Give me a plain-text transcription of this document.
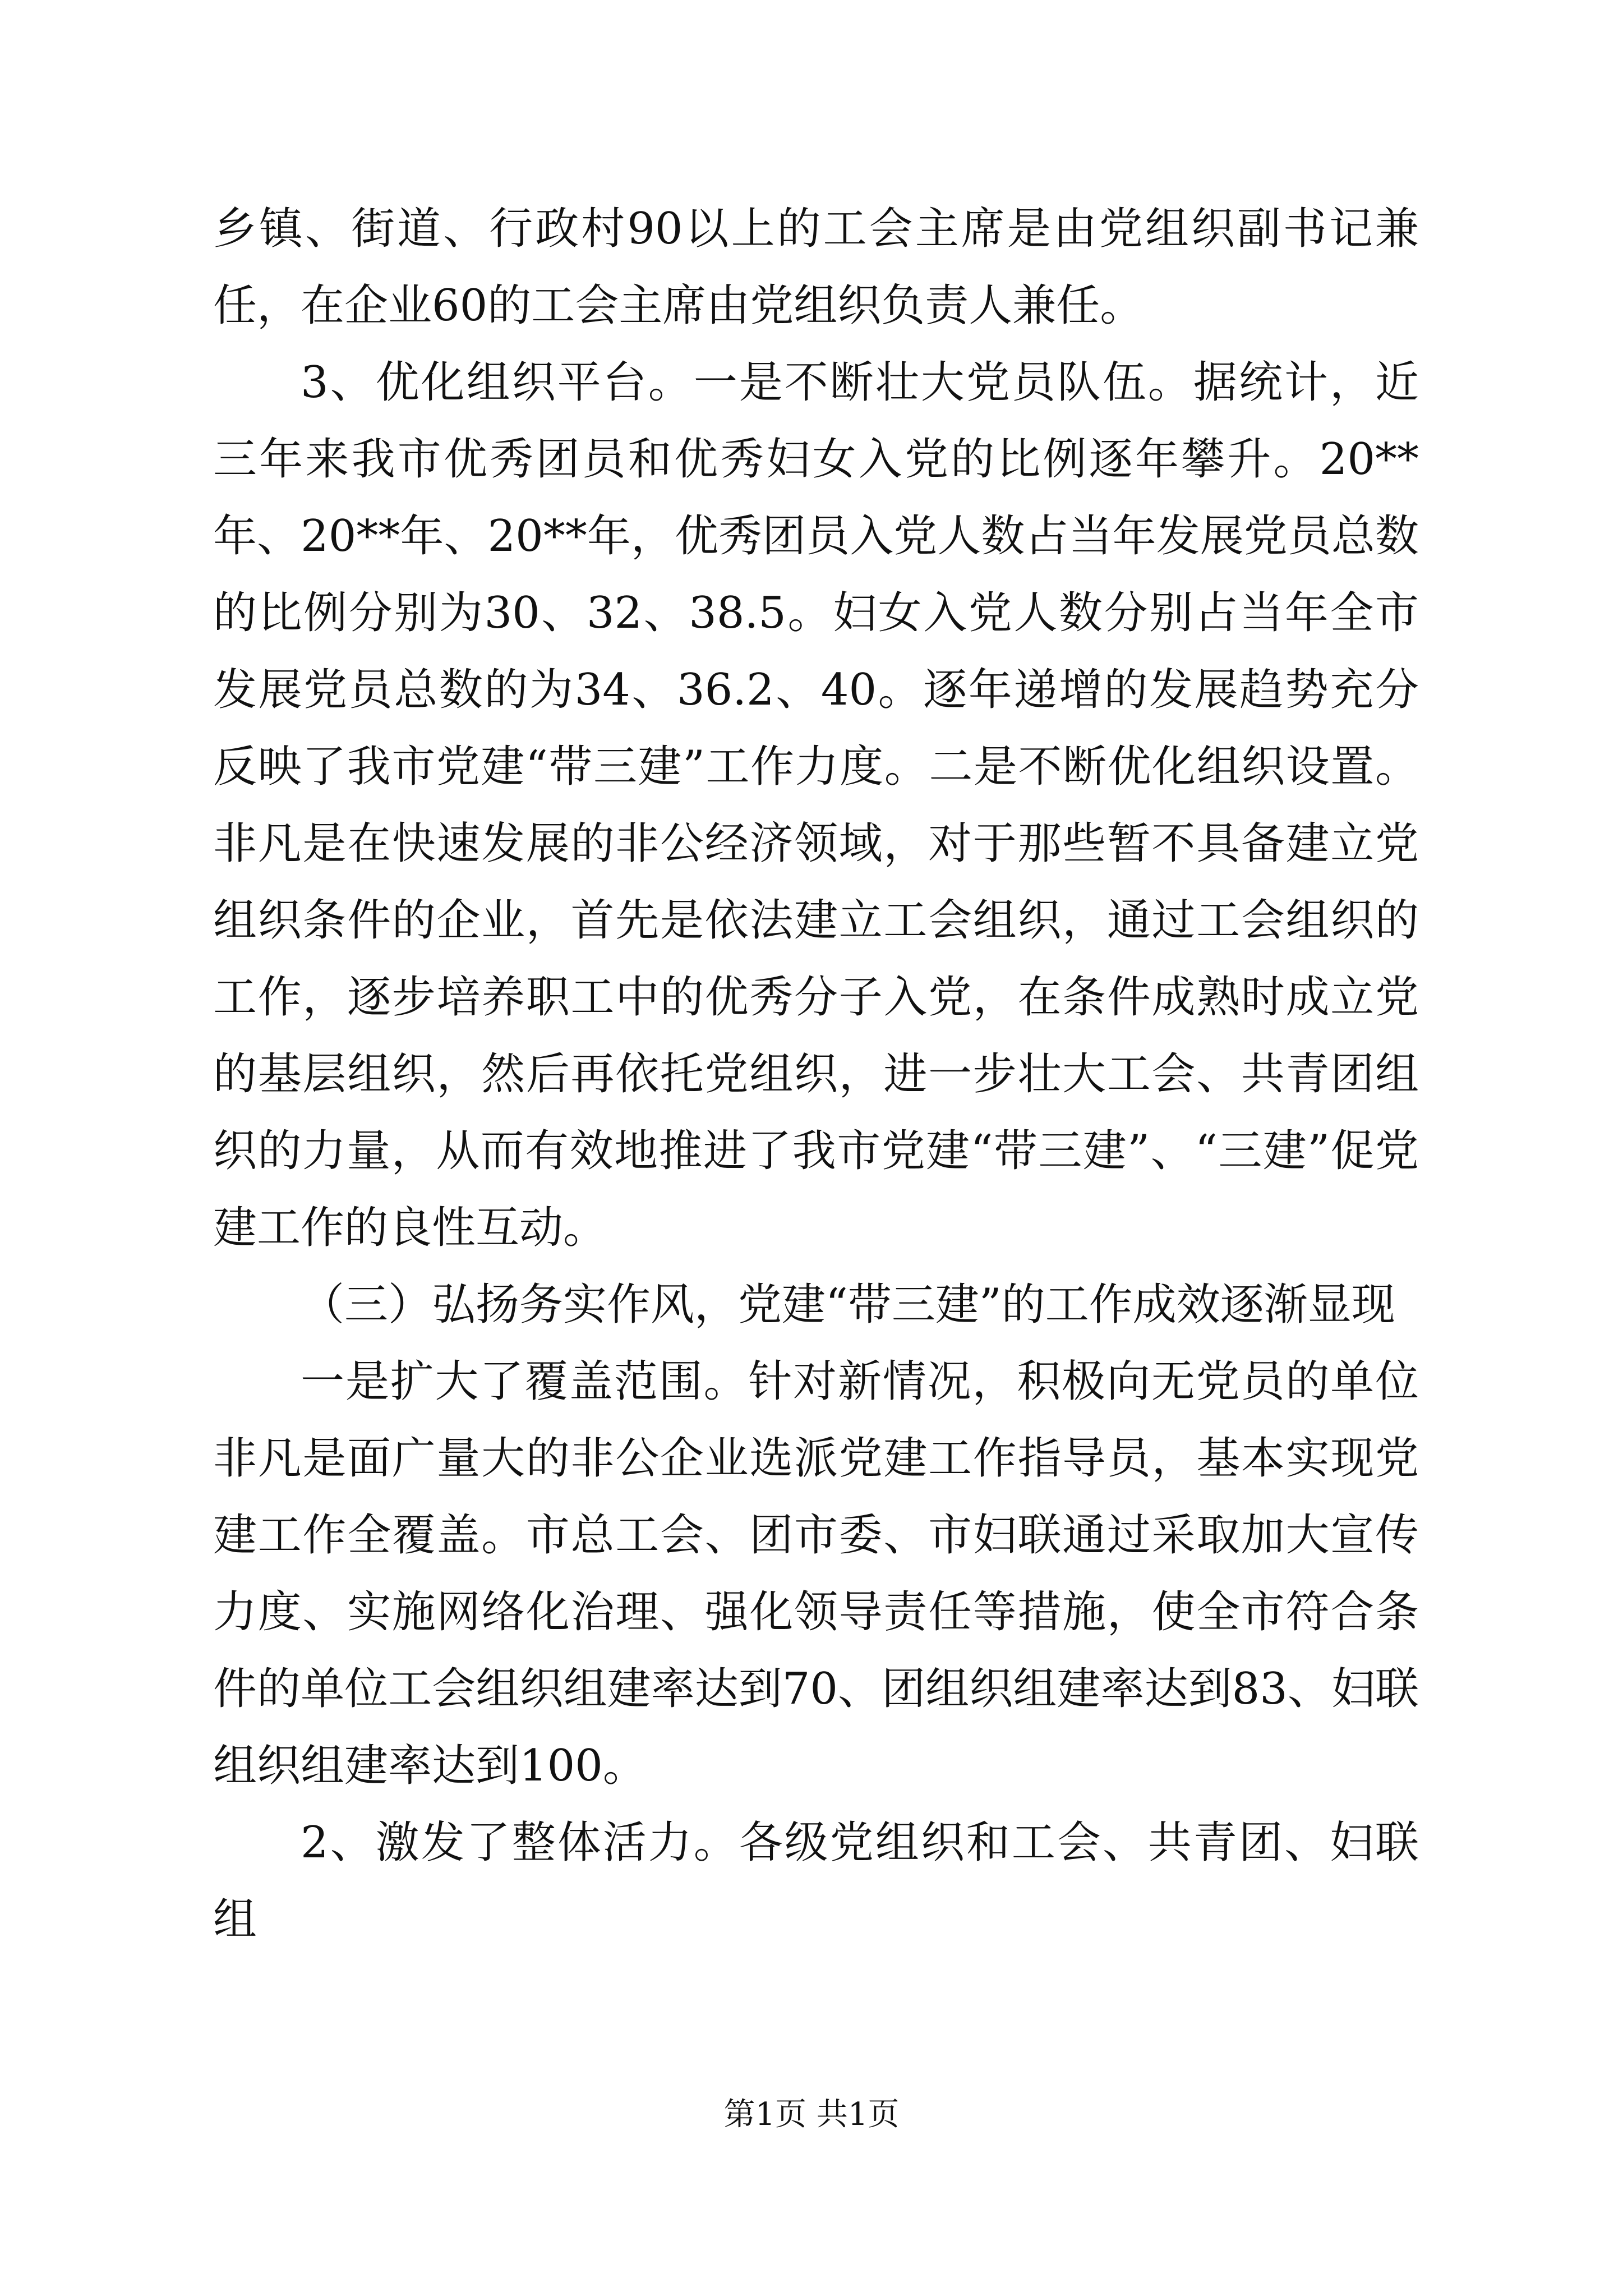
乡镇、街道、行政村90以上的工会主席是由党组织副书记兼任，在企业60的工会主席由党组织负责人兼任。

3、优化组织平台。一是不断壮大党员队伍。据统计，近三年来我市优秀团员和优秀妇女入党的比例逐年攀升。20**年、20**年、20**年，优秀团员入党人数占当年发展党员总数的比例分别为30、32、38.5。妇女入党人数分别占当年全市发展党员总数的为34、36.2、40。逐年递增的发展趋势充分反映了我市党建“带三建”工作力度。二是不断优化组织设置。非凡是在快速发展的非公经济领域，对于那些暂不具备建立党组织条件的企业，首先是依法建立工会组织，通过工会组织的工作，逐步培养职工中的优秀分子入党，在条件成熟时成立党的基层组织，然后再依托党组织，进一步壮大工会、共青团组织的力量，从而有效地推进了我市党建“带三建”、“三建”促党建工作的良性互动。

（三）弘扬务实作风，党建“带三建”的工作成效逐渐显现

一是扩大了覆盖范围。针对新情况，积极向无党员的单位非凡是面广量大的非公企业选派党建工作指导员，基本实现党建工作全覆盖。市总工会、团市委、市妇联通过采取加大宣传力度、实施网络化治理、强化领导责任等措施，使全市符合条件的单位工会组织组建率达到70、团组织组建率达到83、妇联组织组建率达到100。

2、激发了整体活力。各级党组织和工会、共青团、妇联组

第1页 共1页
